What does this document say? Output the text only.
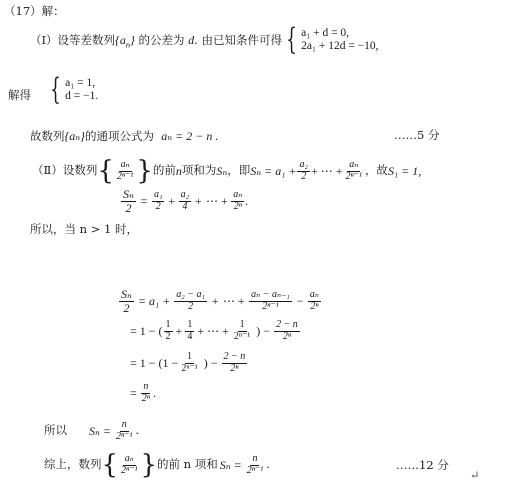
（17）解：
（Ⅰ）设等差数列$\{a_n\}$ 的公差为 d. 由已知条件可得 { a₁ + d = 0,
2a₁ + 12d = −10,
解得 { a₁ = 1,
d = −1.
故数列{aₙ}的通项公式为 aₙ = 2 − n .	……5 分
（Ⅱ）设数列 { $\frac{\text{aₙ}}{\text{2ⁿ⁻¹}}$ } 的前 n 项和为 Sₙ ，即 $S_n = a_1 + \frac{\text{a₂}}{2}$ + ⋯ + $\frac{\text{aₙ}}{\text{2ⁿ⁻¹}}$ ，故 S₁ = 1,
$\frac{\text{Sₙ}}{2} = \frac{\text{a₁}}{2} + \frac{\text{a₂}}{4}$ + ⋯ + $\frac{\text{aₙ}}{\text{2ⁿ}}$ .
所以，当 n > 1 时，
$\frac{\text{Sₙ}}{2} = a_1 + \frac{\text{a₂ − a₁}}{2}$ + ⋯ + $\frac{\text{aₙ − aₙ₋₁}}{\text{2ⁿ⁻¹}} - \frac{\text{aₙ}}{\text{2ⁿ}}$
= 1 − ( $\frac{1}{2} + \frac{1}{4}$ + ⋯ + $\frac{1}{\text{2ⁿ⁻¹}}$ ) − $\frac{2 - n}{\text{2ⁿ}}$
= $1 - (1 - \frac{1}{\text{2ⁿ⁻¹}}$ ) − $\frac{2 - n}{\text{2ⁿ}}$
= $\frac{n}{\text{2ⁿ}}$ .
所以 $S_n = \frac{n}{\text{2ⁿ⁻¹}}$ .
综上，数列 { $\frac{\text{aₙ}}{\text{2ⁿ⁻¹}}$ } 的前 n 项和 $S_n = \frac{n}{\text{2ⁿ⁻¹}}$ .	……12 分
↵
